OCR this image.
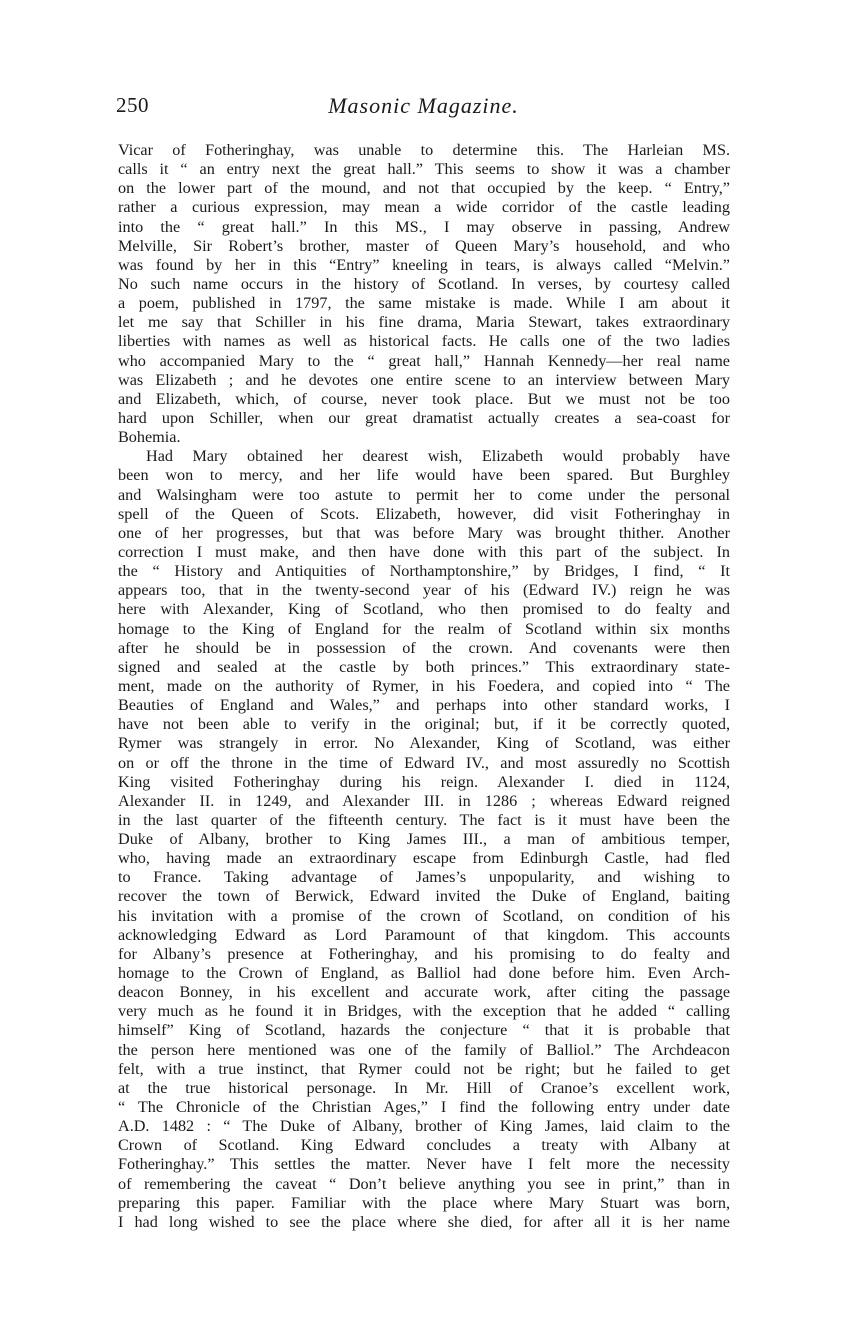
250	Masonic Magazine.
Vicar of Fotheringhay, was unable to determine this. The Harleian MS.
calls it “ an entry next the great hall.” This seems to show it was a chamber
on the lower part of the mound, and not that occupied by the keep. “ Entry,”
rather a curious expression, may mean a wide corridor of the castle leading
into the “ great hall.” In this MS., I may observe in passing, Andrew
Melville, Sir Robert’s brother, master of Queen Mary’s household, and who
was found by her in this “Entry” kneeling in tears, is always called “Melvin.”
No such name occurs in the history of Scotland. In verses, by courtesy called
a poem, published in 1797, the same mistake is made. While I am about it
let me say that Schiller in his fine drama, Maria Stewart, takes extraordinary
liberties with names as well as historical facts. He calls one of the two ladies
who accompanied Mary to the “ great hall,” Hannah Kennedy—her real name
was Elizabeth ; and he devotes one entire scene to an interview between Mary
and Elizabeth, which, of course, never took place. But we must not be too
hard upon Schiller, when our great dramatist actually creates a sea-coast for
Bohemia.
Had Mary obtained her dearest wish, Elizabeth would probably have
been won to mercy, and her life would have been spared. But Burghley
and Walsingham were too astute to permit her to come under the personal
spell of the Queen of Scots. Elizabeth, however, did visit Fotheringhay in
one of her progresses, but that was before Mary was brought thither. Another
correction I must make, and then have done with this part of the subject. In
the “ History and Antiquities of Northamptonshire,” by Bridges, I find, “ It
appears too, that in the twenty-second year of his (Edward IV.) reign he was
here with Alexander, King of Scotland, who then promised to do fealty and
homage to the King of England for the realm of Scotland within six months
after he should be in possession of the crown. And covenants were then
signed and sealed at the castle by both princes.” This extraordinary state-
ment, made on the authority of Rymer, in his Foedera, and copied into “ The
Beauties of England and Wales,” and perhaps into other standard works, I
have not been able to verify in the original; but, if it be correctly quoted,
Rymer was strangely in error. No Alexander, King of Scotland, was either
on or off the throne in the time of Edward IV., and most assuredly no Scottish
King visited Fotheringhay during his reign. Alexander I. died in 1124,
Alexander II. in 1249, and Alexander III. in 1286 ; whereas Edward reigned
in the last quarter of the fifteenth century. The fact is it must have been the
Duke of Albany, brother to King James III., a man of ambitious temper,
who, having made an extraordinary escape from Edinburgh Castle, had fled
to France. Taking advantage of James’s unpopularity, and wishing to
recover the town of Berwick, Edward invited the Duke of England, baiting
his invitation with a promise of the crown of Scotland, on condition of his
acknowledging Edward as Lord Paramount of that kingdom. This accounts
for Albany’s presence at Fotheringhay, and his promising to do fealty and
homage to the Crown of England, as Balliol had done before him. Even Arch-
deacon Bonney, in his excellent and accurate work, after citing the passage
very much as he found it in Bridges, with the exception that he added “ calling
himself” King of Scotland, hazards the conjecture “ that it is probable that
the person here mentioned was one of the family of Balliol.” The Archdeacon
felt, with a true instinct, that Rymer could not be right; but he failed to get
at the true historical personage. In Mr. Hill of Cranoe’s excellent work,
“ The Chronicle of the Christian Ages,” I find the following entry under date
A.D. 1482 : “ The Duke of Albany, brother of King James, laid claim to the
Crown of Scotland. King Edward concludes a treaty with Albany at
Fotheringhay.” This settles the matter. Never have I felt more the necessity
of remembering the caveat “ Don’t believe anything you see in print,” than in
preparing this paper. Familiar with the place where Mary Stuart was born,
I had long wished to see the place where she died, for after all it is her name
